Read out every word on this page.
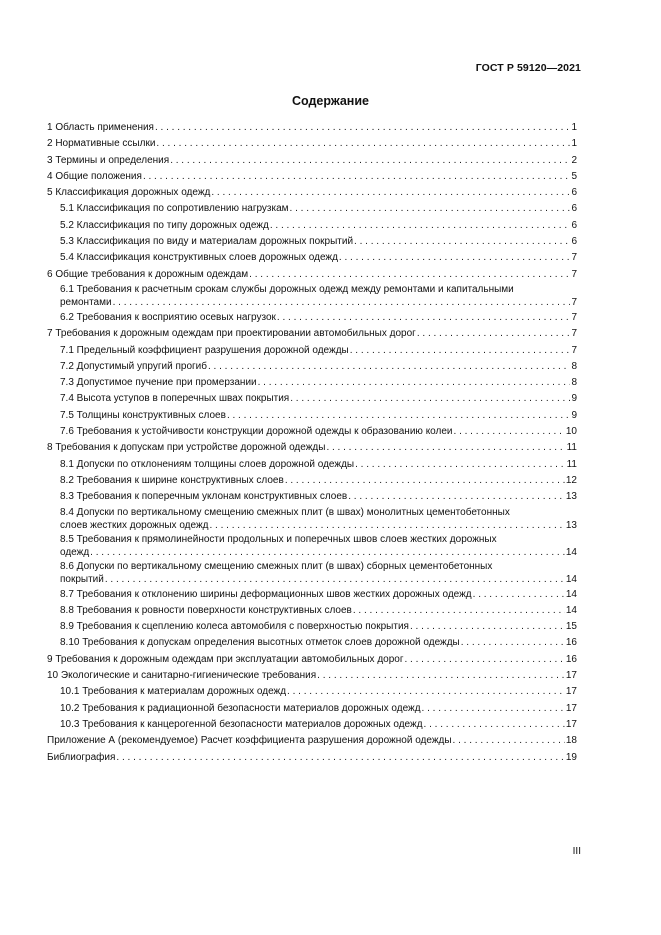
ГОСТ Р 59120—2021
Содержание
1 Область применения . . .	1
2 Нормативные ссылки . . .	1
3 Термины и определения . . .	2
4 Общие положения . . .	5
5 Классификация дорожных одежд . . .	6
5.1 Классификация по сопротивлению нагрузкам . . .	6
5.2 Классификация по типу дорожных одежд . . .	6
5.3 Классификация по виду и материалам дорожных покрытий . . .	6
5.4 Классификация конструктивных слоев дорожных одежд . . .	7
6 Общие требования к дорожным одеждам . . .	7
6.1 Требования к расчетным срокам службы дорожных одежд между ремонтами и капитальными
ремонтами . . .	7
6.2 Требования к восприятию осевых нагрузок . . .	7
7 Требования к дорожным одеждам при проектировании автомобильных дорог . . .	7
7.1 Предельный коэффициент разрушения дорожной одежды . . .	7
7.2 Допустимый упругий прогиб . . .	8
7.3 Допустимое пучение при промерзании . . .	8
7.4 Высота уступов в поперечных швах покрытия . . .	9
7.5 Толщины конструктивных слоев . . .	9
7.6 Требования к устойчивости конструкции дорожной одежды к образованию колеи . . .	10
8 Требования к допускам при устройстве дорожной одежды . . .	11
8.1 Допуски по отклонениям толщины слоев дорожной одежды . . .	11
8.2 Требования к ширине конструктивных слоев . . .	12
8.3 Требования к поперечным уклонам конструктивных слоев . . .	13
8.4 Допуски по вертикальному смещению смежных плит (в швах) монолитных цементобетонных
слоев жестких дорожных одежд . . .	13
8.5 Требования к прямолинейности продольных и поперечных швов слоев жестких дорожных
одежд . . .	14
8.6 Допуски по вертикальному смещению смежных плит (в швах) сборных цементобетонных
покрытий . . .	14
8.7 Требования к отклонению ширины деформационных швов жестких дорожных одежд . . .	14
8.8 Требования к ровности поверхности конструктивных слоев . . .	14
8.9 Требования к сцеплению колеса автомобиля с поверхностью покрытия . . .	15
8.10 Требования к допускам определения высотных отметок слоев дорожной одежды . . .	16
9 Требования к дорожным одеждам при эксплуатации автомобильных дорог . . .	16
10 Экологические и санитарно-гигиенические требования . . .	17
10.1 Требования к материалам дорожных одежд . . .	17
10.2 Требования к радиационной безопасности материалов дорожных одежд . . .	17
10.3 Требования к канцерогенной безопасности материалов дорожных одежд . . .	17
Приложение А (рекомендуемое) Расчет коэффициента разрушения дорожной одежды . . .	18
Библиография . . .	19
III
